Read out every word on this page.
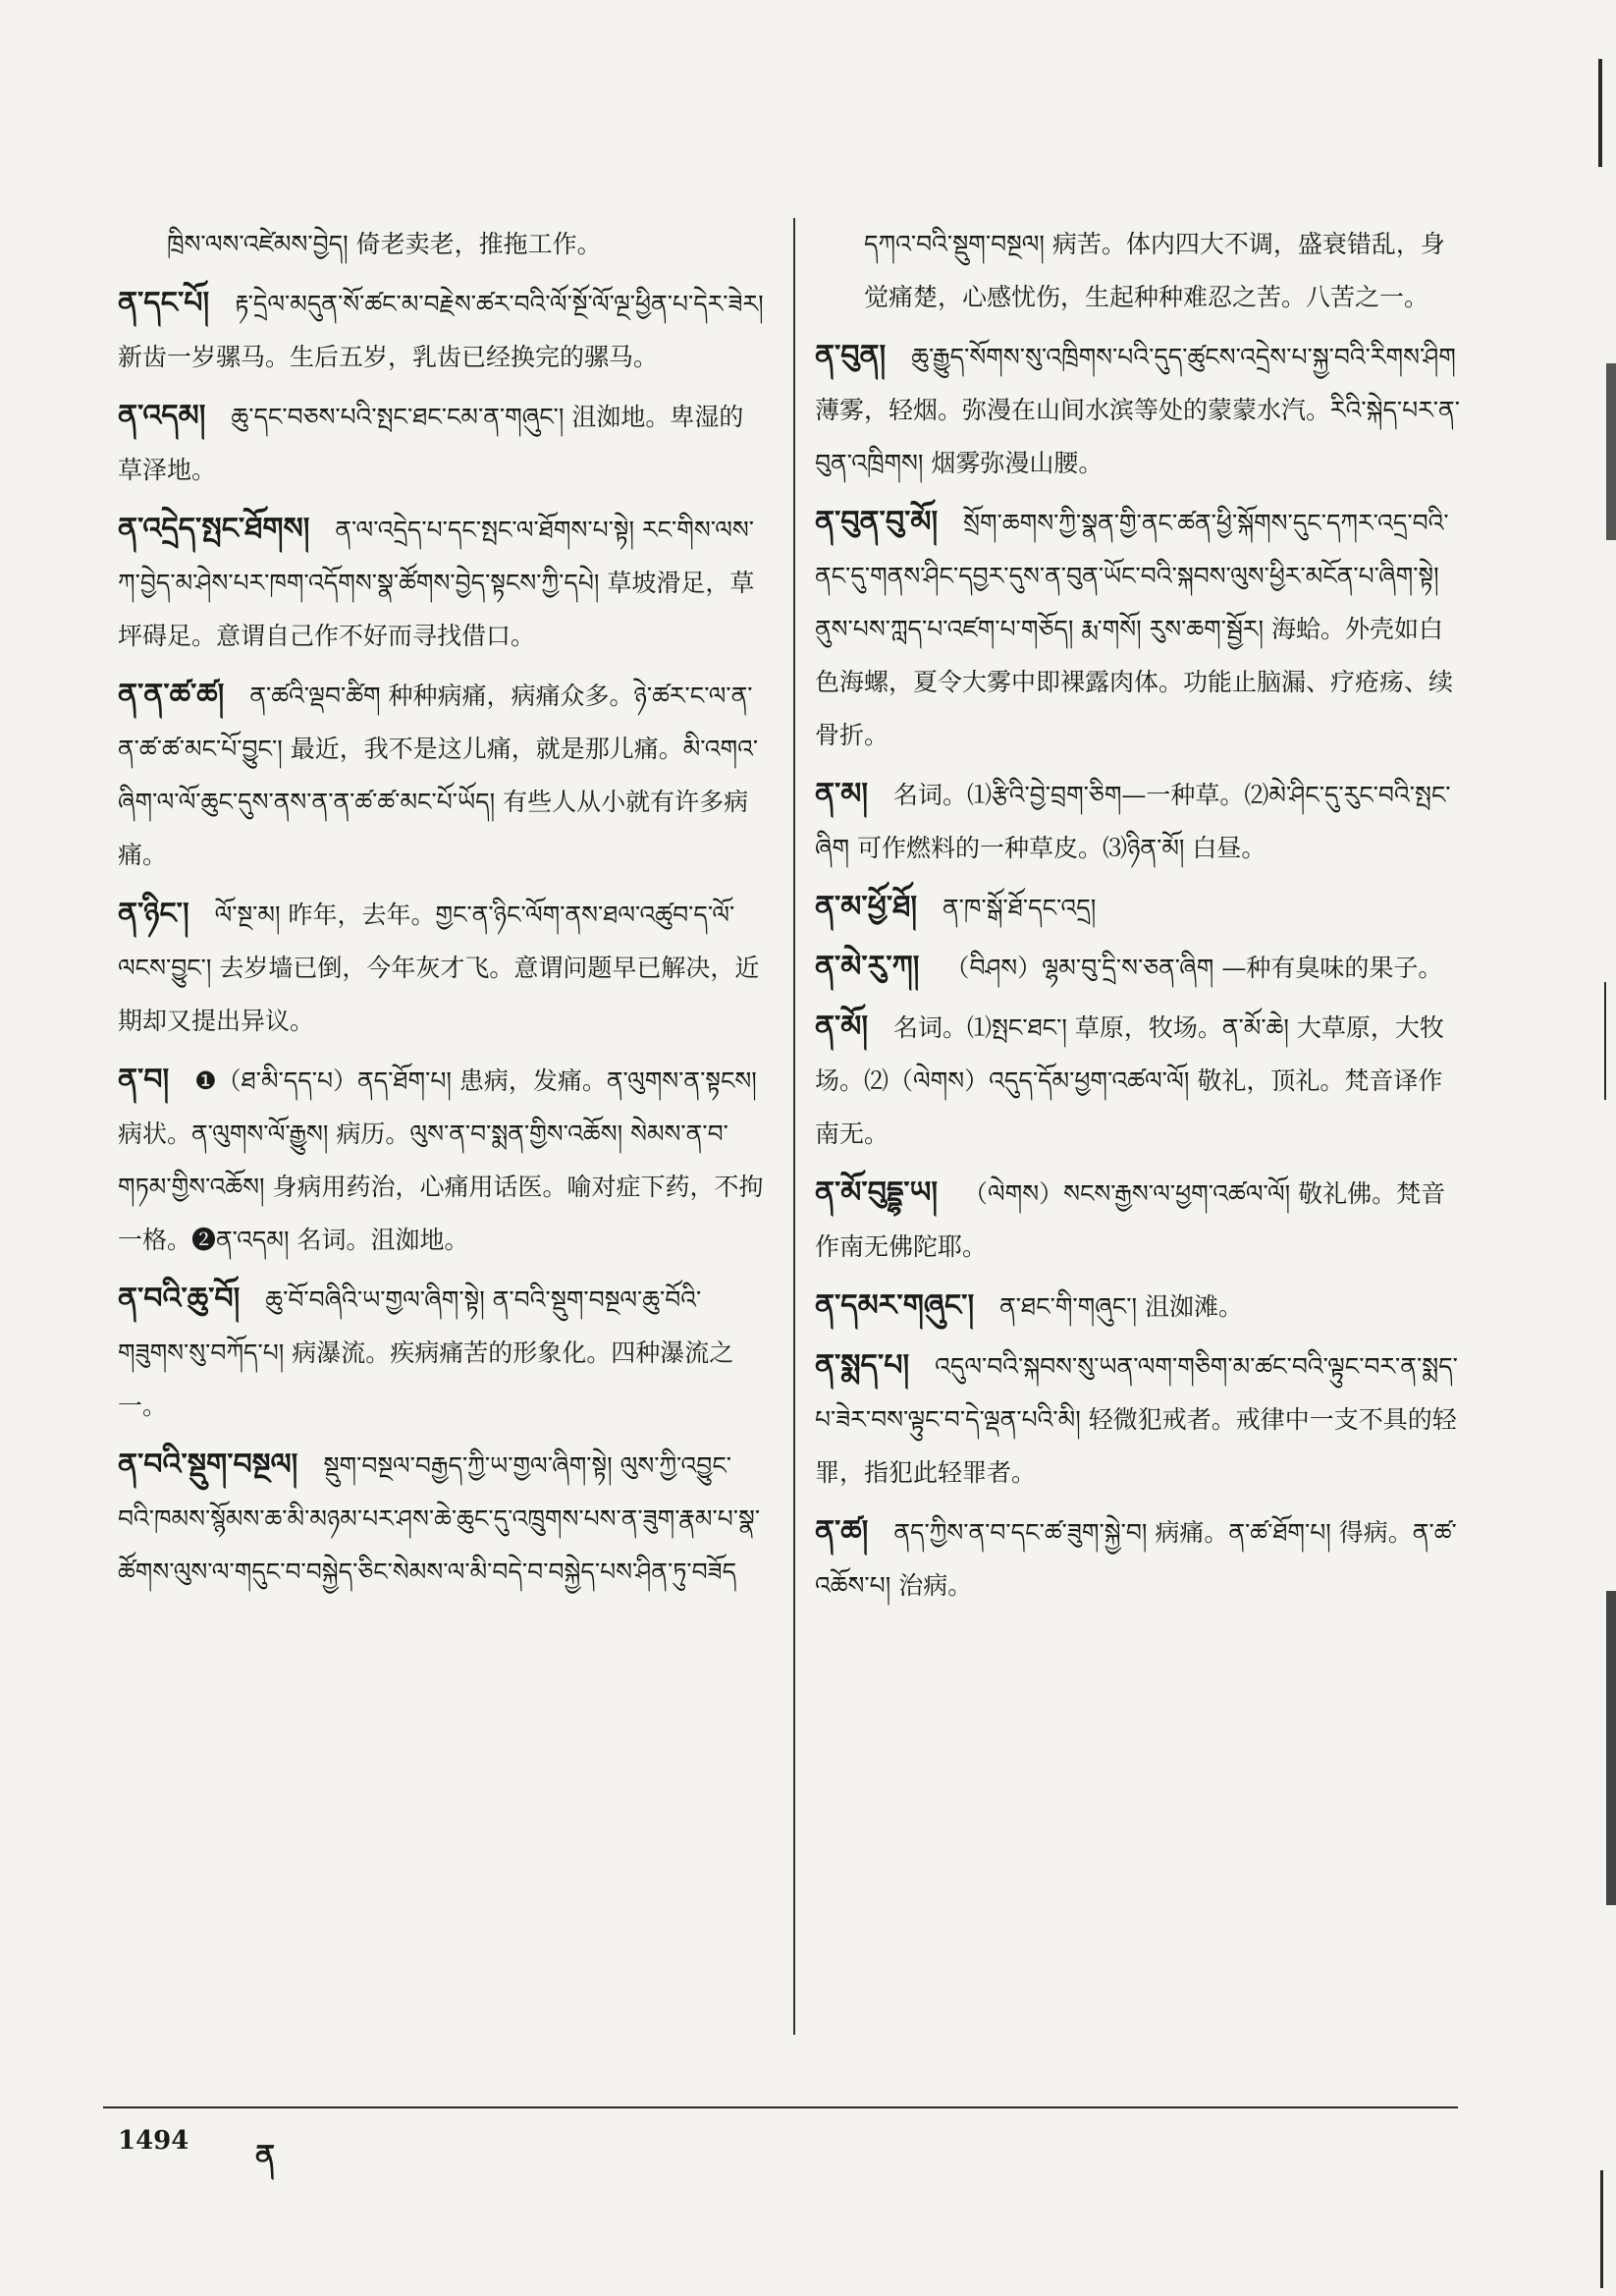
ཁྲིས་ལས་འཛེམས་བྱེད། 倚老卖老，推拖工作。
ན་དང་པོ། རྟ་དྲེལ་མདུན་སོ་ཚང་མ་བརྗེས་ཚར་བའི་ལོ་སྔོ་ལོ་ལྔ་ཕྱིན་པ་དེར་ཟེར། 新齿一岁骡马。生后五岁，乳齿已经换完的骡马。
ན་འདམ། ཆུ་དང་བཅས་པའི་སྤང་ཐང་ངམ་ན་གཞུང་། 沮洳地。卑湿的草泽地。
ན་འདྲེད་སྤང་ཐོགས། ན་ལ་འདྲེད་པ་དང་སྤང་ལ་ཐོགས་པ་སྟེ། རང་གིས་ལས་ཀ་བྱེད་མ་ཤེས་པར་ཁག་འདོགས་སྣ་ཚོགས་བྱེད་སྟངས་ཀྱི་དཔེ། 草坡滑足，草坪碍足。意谓自己作不好而寻找借口。
ན་ན་ཚ་ཚ། ན་ཚའི་ལྡབ་ཚིག 种种病痛，病痛众多。ཉེ་ཚར་ང་ལ་ན་ན་ཚ་ཚ་མང་པོ་བྱུང་། 最近，我不是这儿痛，就是那儿痛。མི་འགའ་ཞིག་ལ་ལོ་ཆུང་དུས་ནས་ན་ན་ཚ་ཚ་མང་པོ་ཡོད། 有些人从小就有许多病痛。
ན་ཉིང་། ལོ་སྔ་མ། 昨年，去年。གྱང་ན་ཉིང་ལོག་ནས་ཐལ་འཚུབ་ད་ལོ་ལངས་བྱུང་། 去岁墙已倒，今年灰才飞。意谓问题早已解决，近期却又提出异议。
ན་བ། ❶（ཐ་མི་དད་པ）ནད་ཐོག་པ། 患病，发痛。ན་ལུགས་ན་སྟངས། 病状。ན་ལུགས་ལོ་རྒྱུས། 病历。ལུས་ན་བ་སྨན་གྱིས་འཆོས། སེམས་ན་བ་གཏམ་གྱིས་འཆོས། 身病用药治，心痛用话医。喻对症下药，不拘一格。❷ན་འདམ། 名词。沮洳地。
ན་བའི་ཆུ་བོ། ཆུ་བོ་བཞིའི་ཡ་གྱལ་ཞིག་སྟེ། ན་བའི་སྡུག་བསྔལ་ཆུ་བོའི་གཟུགས་སུ་བཀོད་པ། 病瀑流。疾病痛苦的形象化。四种瀑流之一。
ན་བའི་སྡུག་བསྔལ། སྡུག་བསྔལ་བརྒྱད་ཀྱི་ཡ་གྱལ་ཞིག་སྟེ། ལུས་ཀྱི་འབྱུང་བའི་ཁམས་སྙོམས་ཆ་མི་མཉམ་པར་ཤས་ཆེ་ཆུང་དུ་འཁྲུགས་པས་ན་ཟུག་རྣམ་པ་སྣ་ཚོགས་ལུས་ལ་གདུང་བ་བསྐྱེད་ཅིང་སེམས་ལ་མི་བདེ་བ་བསྐྱེད་པས་ཤིན་ཏུ་བཟོད
དཀའ་བའི་སྡུག་བསྔལ། 病苦。体内四大不调，盛衰错乱，身觉痛楚，心感忧伤，生起种种难忍之苦。八苦之一。
ན་བུན། ཆུ་རྒྱུད་སོགས་སུ་འཁྲིགས་པའི་དུད་ཚུངས་འདྲེས་པ་སྐྱ་བའི་རིགས་ཤིག 薄雾，轻烟。弥漫在山间水滨等处的蒙蒙水汽。རིའི་སྐེད་པར་ན་བུན་འཁྲིགས། 烟雾弥漫山腰。
ན་བུན་བུ་མོ། སྲོག་ཆགས་ཀྱི་སྣན་གྱི་ནང་ཚན་ཕྱི་སྐོགས་དུང་དཀར་འདྲ་བའི་ནང་དུ་གནས་ཤིང་དབྱར་དུས་ན་བུན་ཡོང་བའི་སྐབས་ལུས་ཕྱིར་མངོན་པ་ཞིག་སྟེ། ནུས་པས་ཀླད་པ་འཛག་པ་གཅོད། རྨ་གསོ། རུས་ཆག་སྦྱོར། 海蛤。外壳如白色海螺，夏令大雾中即裸露肉体。功能止脑漏、疗疮疡、续骨折。
ན་མ། 名词。⑴རྩིའི་བྱེ་བྲག་ཅིག—一种草。⑵མེ་ཤིང་དུ་རུང་བའི་སྤང་ཞིག 可作燃料的一种草皮。⑶ཉིན་མོ། 白昼。
ན་མ་ཕྱོ་ཐོ། ན་ཁ་སྒོ་ཐོ་དང་འདྲ།
ན་མེ་རུ་ཀ། （བིཤས）ལྷམ་བུ་དྲི་ས་ཅན་ཞིག —种有臭味的果子。
ན་མོ། 名词。⑴སྤང་ཐང་། 草原，牧场。ན་མོ་ཆེ། 大草原，大牧场。⑵（ལེགས）འདུད་དོམ་ཕྱག་འཚལ་ལོ། 敬礼，顶礼。梵音译作南无。
ན་མོ་བུདྡྷ་ཡ། （ལེགས）སངས་རྒྱས་ལ་ཕྱག་འཚལ་ལོ། 敬礼佛。梵音作南无佛陀耶。
ན་དམར་གཞུང་། ན་ཐང་གི་གཞུང་། 沮洳滩。
ན་སྨད་པ། འདུལ་བའི་སྐབས་སུ་ཡན་ལག་གཅིག་མ་ཚང་བའི་ལྟུང་བར་ན་སྨད་པ་ཟེར་བས་ལྟུང་བ་དེ་ལྡན་པའི་མི། 轻微犯戒者。戒律中一支不具的轻罪，指犯此轻罪者。
ན་ཚ། ནད་ཀྱིས་ན་བ་དང་ཚ་ཟུག་སྐྱེ་བ། 病痛。ན་ཚ་ཐོག་པ། 得病。ན་ཚ་འཆོས་པ། 治病。
1494 ན
